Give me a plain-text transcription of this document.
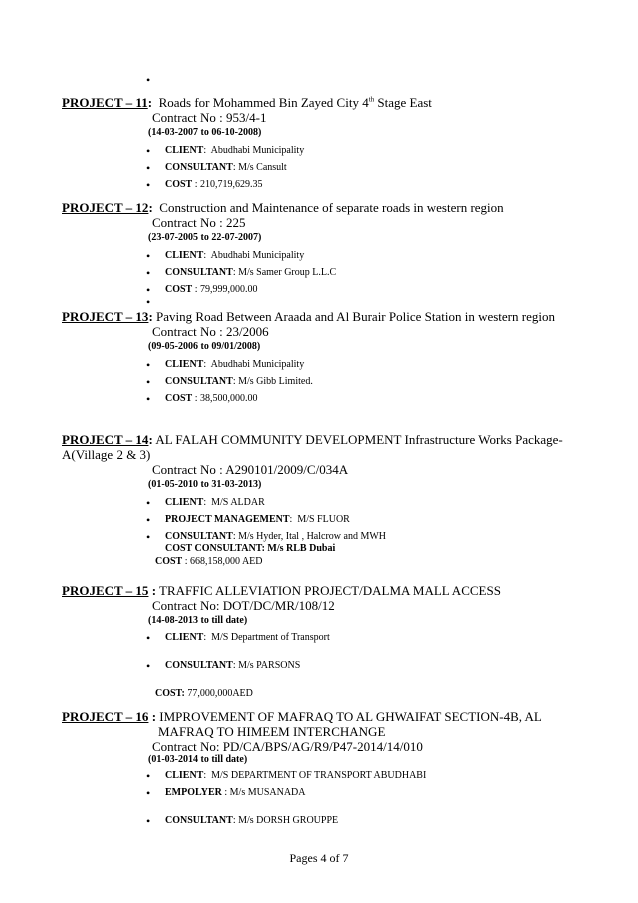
•
PROJECT – 11: Roads for Mohammed Bin Zayed City 4th Stage East
Contract No : 953/4-1
(14-03-2007 to 06-10-2008)
• CLIENT:  Abudhabi Municipality
• CONSULTANT: M/s Cansult
• COST : 210,719,629.35
PROJECT – 12: Construction and Maintenance of separate roads in western region
Contract No : 225
(23-07-2005 to 22-07-2007)
• CLIENT:  Abudhabi Municipality
• CONSULTANT: M/s Samer Group L.L.C
• COST : 79,999,000.00
•
PROJECT – 13: Paving Road Between Araada and Al Burair Police Station in western region
Contract No : 23/2006
(09-05-2006 to 09/01/2008)
• CLIENT:  Abudhabi Municipality
• CONSULTANT: M/s Gibb Limited.
• COST : 38,500,000.00
PROJECT – 14: AL FALAH COMMUNITY DEVELOPMENT Infrastructure Works Package-A(Village 2 & 3)
Contract No : A290101/2009/C/034A
(01-05-2010 to 31-03-2013)
• CLIENT:  M/S ALDAR
• PROJECT MANAGEMENT:  M/S FLUOR
• CONSULTANT: M/s Hyder, Ital , Halcrow and MWH
COST CONSULTANT: M/s RLB Dubai
COST : 668,158,000 AED
PROJECT – 15 : TRAFFIC ALLEVIATION PROJECT/DALMA MALL ACCESS
Contract No: DOT/DC/MR/108/12
(14-08-2013 to till date)
• CLIENT:  M/S Department of Transport
• CONSULTANT: M/s PARSONS
COST: 77,000,000AED
PROJECT – 16 : IMPROVEMENT OF MAFRAQ TO AL GHWAIFAT SECTION-4B, AL
MAFRAQ TO HIMEEM INTERCHANGE
Contract No: PD/CA/BPS/AG/R9/P47-2014/14/010
(01-03-2014 to till date)
• CLIENT:  M/S DEPARTMENT OF TRANSPORT ABUDHABI
• EMPOLYER : M/s MUSANADA
• CONSULTANT: M/s DORSH GROUPPE
Pages 4 of 7
